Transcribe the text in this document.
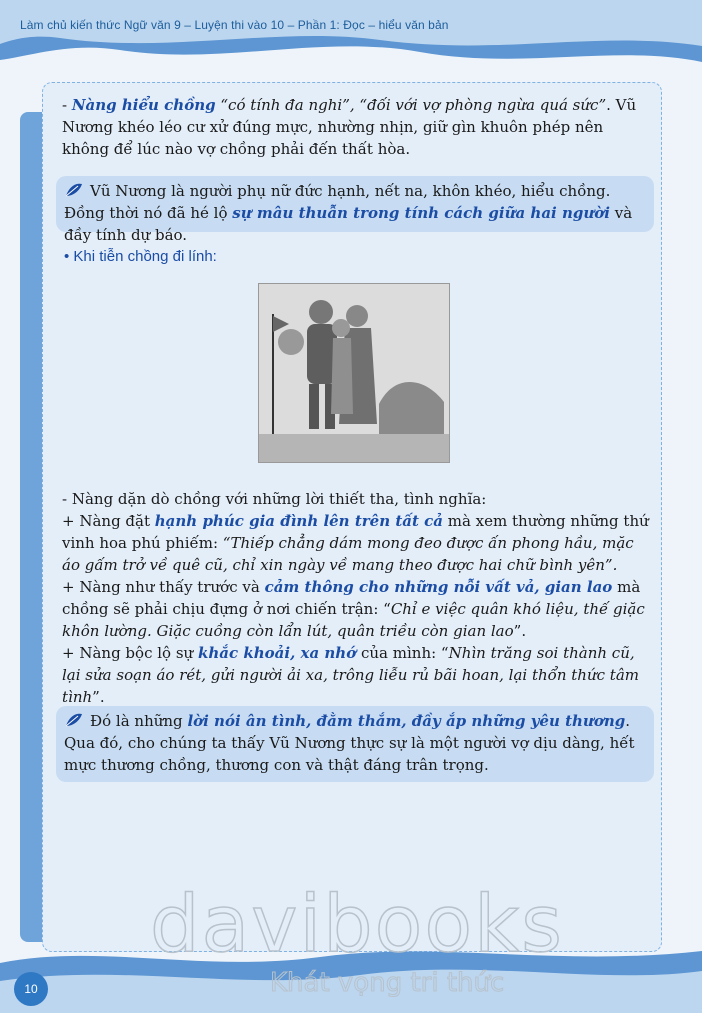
Làm chủ kiến thức Ngữ văn 9 – Luyện thi vào 10 – Phần 1: Đọc – hiểu văn bản

- Nàng hiểu chồng “có tính đa nghi”, “đối với vợ phòng ngừa quá sức”. Vũ Nương khéo léo cư xử đúng mực, nhường nhịn, giữ gìn khuôn phép nên không để lúc nào vợ chồng phải đến thất hòa.

Vũ Nương là người phụ nữ đức hạnh, nết na, khôn khéo, hiểu chồng. Đồng thời nó đã hé lộ sự mâu thuẫn trong tính cách giữa hai người và đầy tính dự báo.
• Khi tiễn chồng đi lính:

- Nàng dặn dò chồng với những lời thiết tha, tình nghĩa:

+ Nàng đặt hạnh phúc gia đình lên trên tất cả mà xem thường những thứ vinh hoa phú phiếm: “Thiếp chẳng dám mong đeo được ấn phong hầu, mặc áo gấm trở về quê cũ, chỉ xin ngày về mang theo được hai chữ bình yên”.

+ Nàng như thấy trước và cảm thông cho những nỗi vất vả, gian lao mà chồng sẽ phải chịu đựng ở nơi chiến trận: “Chỉ e việc quân khó liệu, thế giặc khôn lường. Giặc cuồng còn lẩn lút, quân triều còn gian lao”.

+ Nàng bộc lộ sự khắc khoải, xa nhớ của mình: “Nhìn trăng soi thành cũ, lại sửa soạn áo rét, gửi người ải xa, trông liễu rủ bãi hoan, lại thổn thức tâm tình”.

Đó là những lời nói ân tình, đằm thắm, đầy ắp những yêu thương. Qua đó, cho chúng ta thấy Vũ Nương thực sự là một người vợ dịu dàng, hết mực thương chồng, thương con và thật đáng trân trọng.
davibooks
Khát vọng tri thức
10
